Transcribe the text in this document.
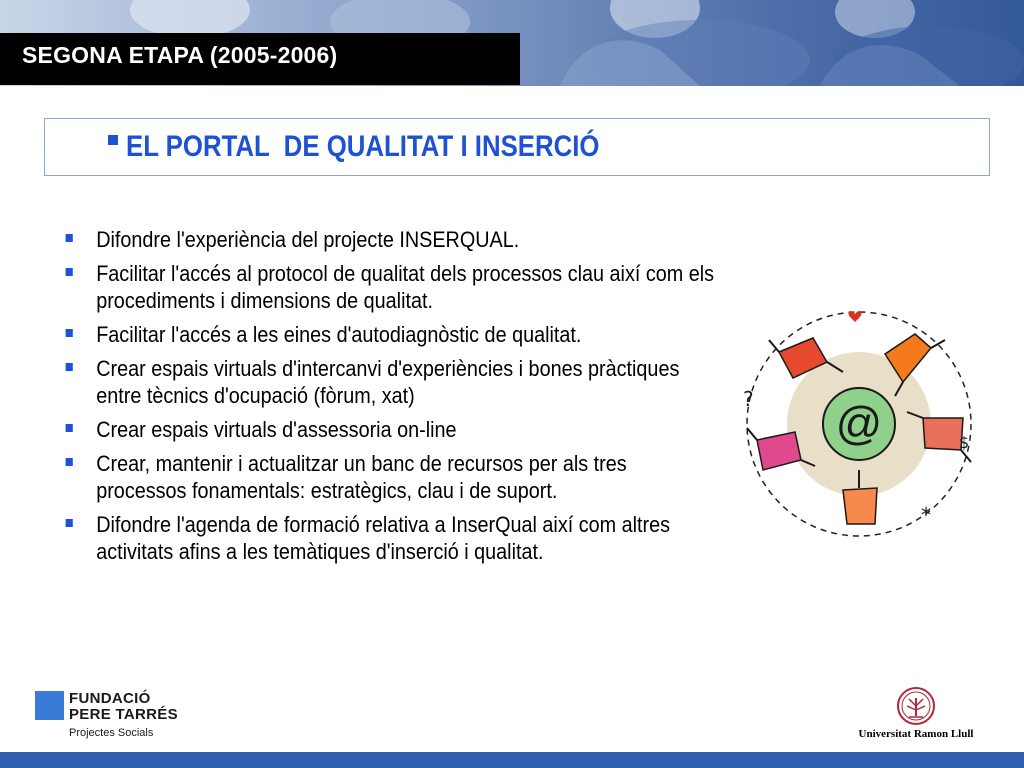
SEGONA ETAPA (2005-2006)
EL PORTAL  DE QUALITAT I INSERCIÓ
Difondre l'experiència del projecte INSERQUAL.
Facilitar l'accés al protocol de qualitat dels processos clau així com els procediments i dimensions de qualitat.
Facilitar l'accés a les eines d'autodiagnòstic de qualitat.
Crear espais virtuals d'intercanvi d'experiències i bones pràctiques entre tècnics d'ocupació (fòrum, xat)
Crear espais virtuals d'assessoria on-line
Crear, mantenir i actualitzar un banc de recursos per als tres processos fonamentals: estratègics, clau i de suport.
Difondre l'agenda de formació relativa a InserQual així com altres activitats afins a les temàtiques d'inserció i qualitat.
@
?
*
$
FUNDACIÓ
PERE TARRÉS
Projectes Socials	Universitat Ramon Llull
